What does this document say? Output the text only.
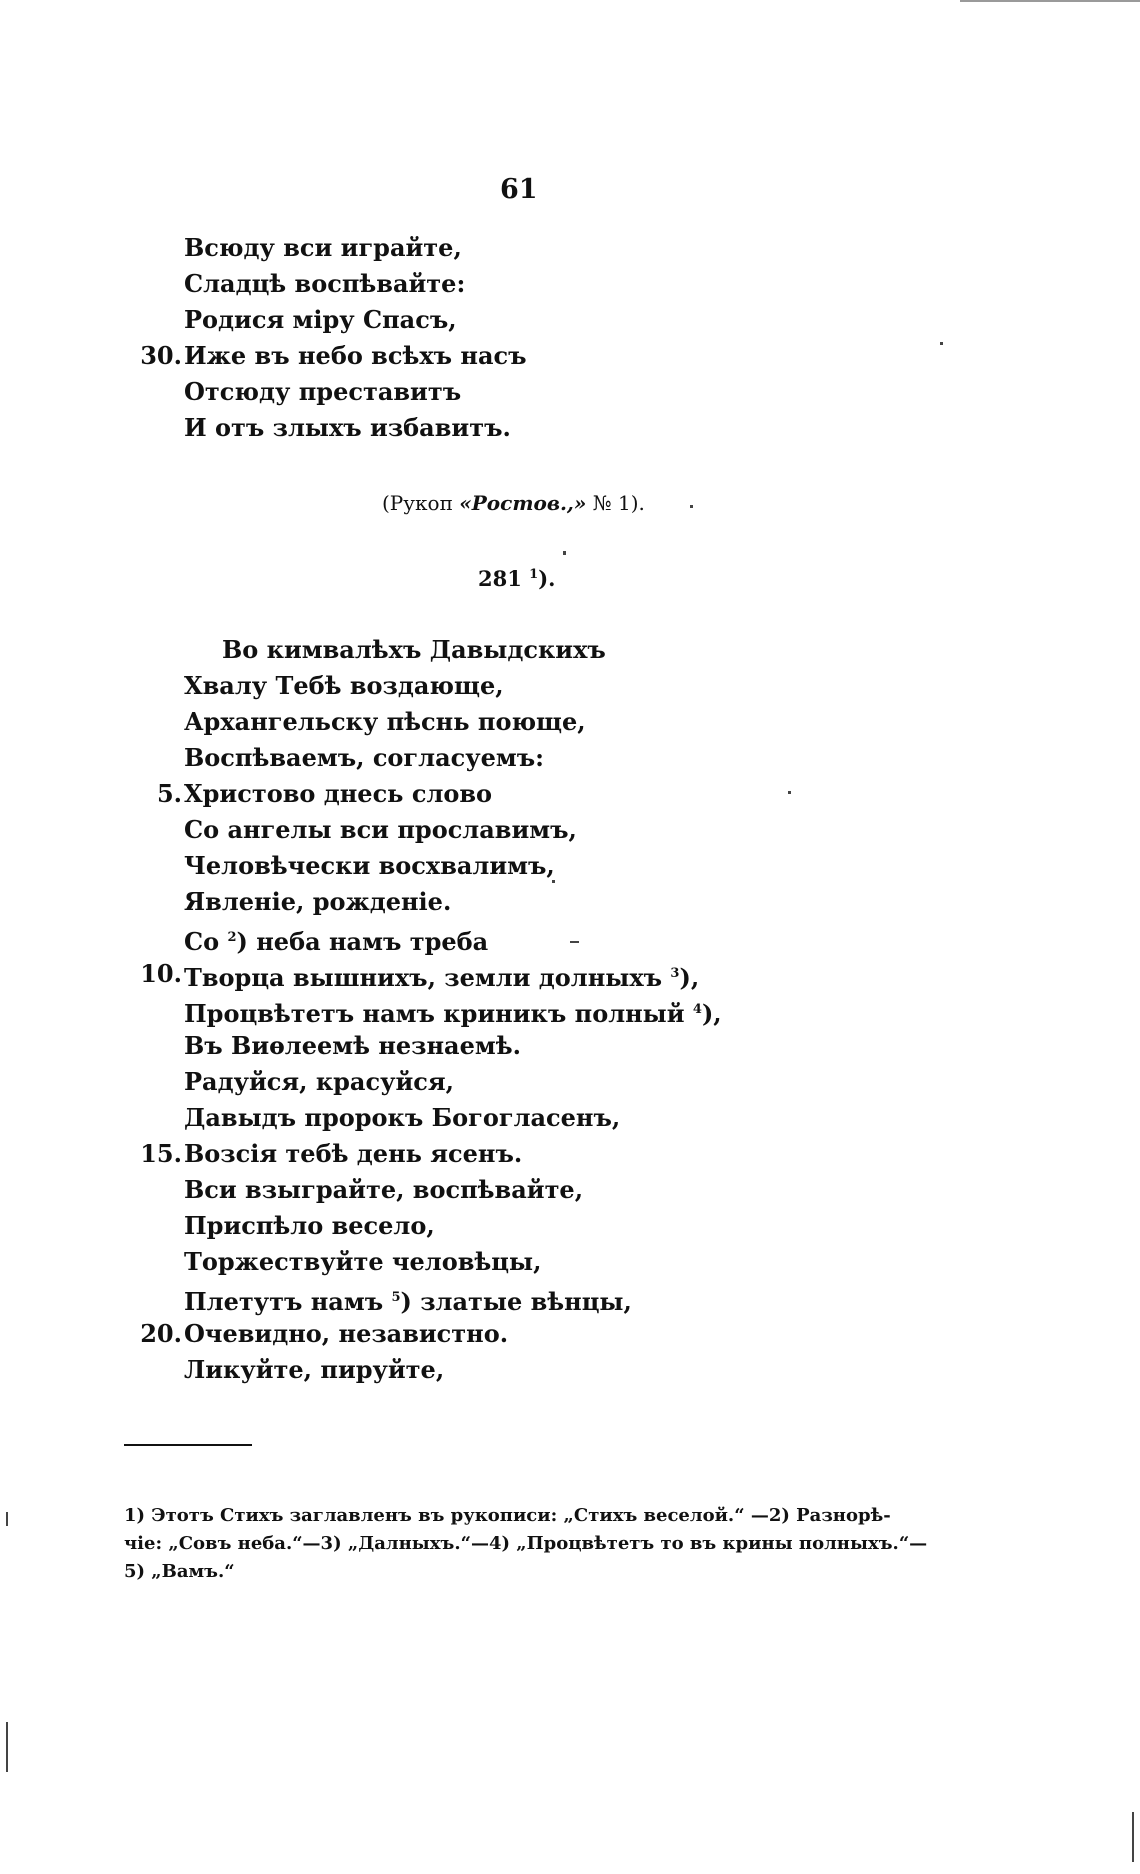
61
Всюду вси играйте,
Сладцѣ воспѣвайте:
Родися міру Спасъ,
30. Иже въ небо всѣхъ насъ
Отсюду преставитъ
И отъ злыхъ избавитъ.
(Рукоп «Ростов.,» № 1).
281 $^1$).
Во кимвалѣхъ Давыдскихъ
Хвалу Тебѣ воздающе,
Архангельску пѣснь поюще,
Воспѣваемъ, согласуемъ:
5. Христово днесь слово
Со ангелы вси прославимъ,
Человѣчески восхвалимъ,
Явленіе, рожденіе.
Со $^2$) неба намъ треба
10. Творца вышнихъ, земли долныхъ $^3$),
Процвѣтетъ намъ криникъ полный $^4$),
Въ Виѳлеемѣ незнаемѣ.
Радуйся, красуйся,
Давыдъ пророкъ Богогласенъ,
15. Возсія тебѣ день ясенъ.
Вси взыграйте, воспѣвайте,
Приспѣло весело,
Торжествуйте человѣцы,
Плетутъ намъ $^5$) златые вѣнцы,
20. Очевидно, независтно.
Ликуйте, пируйте,
1) Этотъ Стихъ заглавленъ въ рукописи: „Стихъ веселой.“ —2) Разнорѣ-
чіе: „Совъ неба.“—3) „Далныхъ.“—4) „Процвѣтетъ то въ крины полныхъ.“—
5) „Вамъ.“
